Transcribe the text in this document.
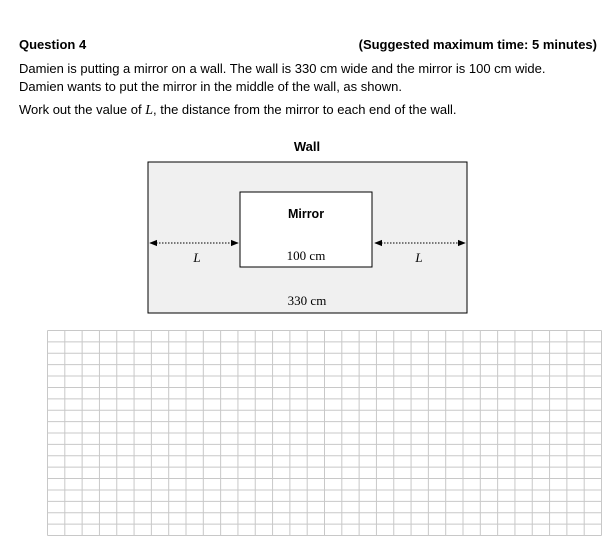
Question 4	(Suggested maximum time: 5 minutes)
Damien is putting a mirror on a wall. The wall is 330 cm wide and the mirror is 100 cm wide.
Damien wants to put the mirror in the middle of the wall, as shown.
Work out the value of L, the distance from the mirror to each end of the wall.
Wall
Mirror
100 cm
330 cm
L	L
